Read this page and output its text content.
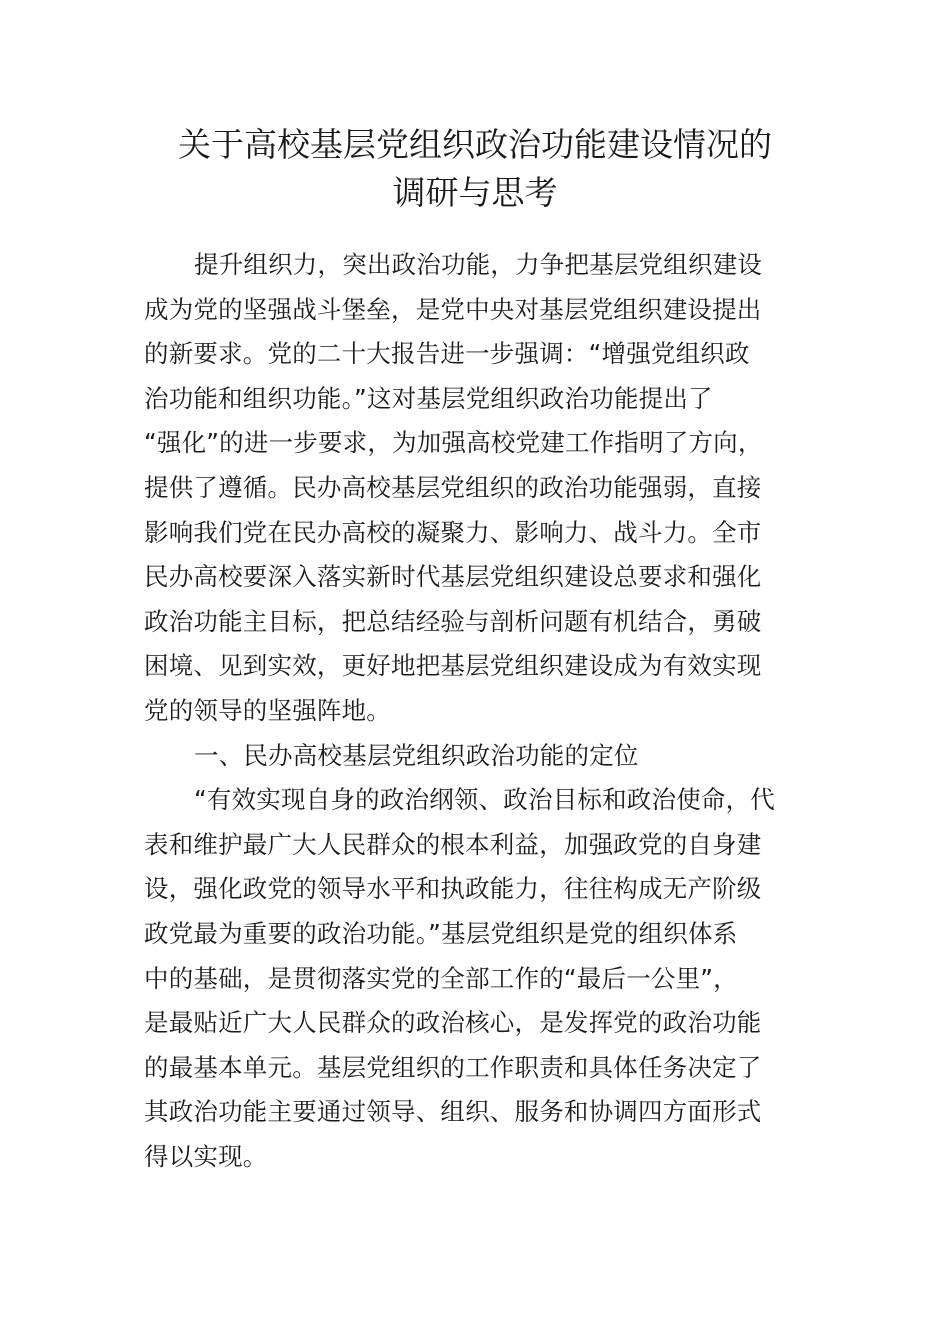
关于高校基层党组织政治功能建设情况的
调研与思考
提升组织力，突出政治功能，力争把基层党组织建设
成为党的坚强战斗堡垒，是党中央对基层党组织建设提出
的新要求。党的二十大报告进一步强调：“增强党组织政
治功能和组织功能。”这对基层党组织政治功能提出了
“强化”的进一步要求，为加强高校党建工作指明了方向，
提供了遵循。民办高校基层党组织的政治功能强弱，直接
影响我们党在民办高校的凝聚力、影响力、战斗力。全市
民办高校要深入落实新时代基层党组织建设总要求和强化
政治功能主目标，把总结经验与剖析问题有机结合，勇破
困境、见到实效，更好地把基层党组织建设成为有效实现
党的领导的坚强阵地。
一、民办高校基层党组织政治功能的定位
“有效实现自身的政治纲领、政治目标和政治使命，代
表和维护最广大人民群众的根本利益，加强政党的自身建
设，强化政党的领导水平和执政能力，往往构成无产阶级
政党最为重要的政治功能。”基层党组织是党的组织体系
中的基础，是贯彻落实党的全部工作的“最后一公里”，
是最贴近广大人民群众的政治核心，是发挥党的政治功能
的最基本单元。基层党组织的工作职责和具体任务决定了
其政治功能主要通过领导、组织、服务和协调四方面形式
得以实现。
